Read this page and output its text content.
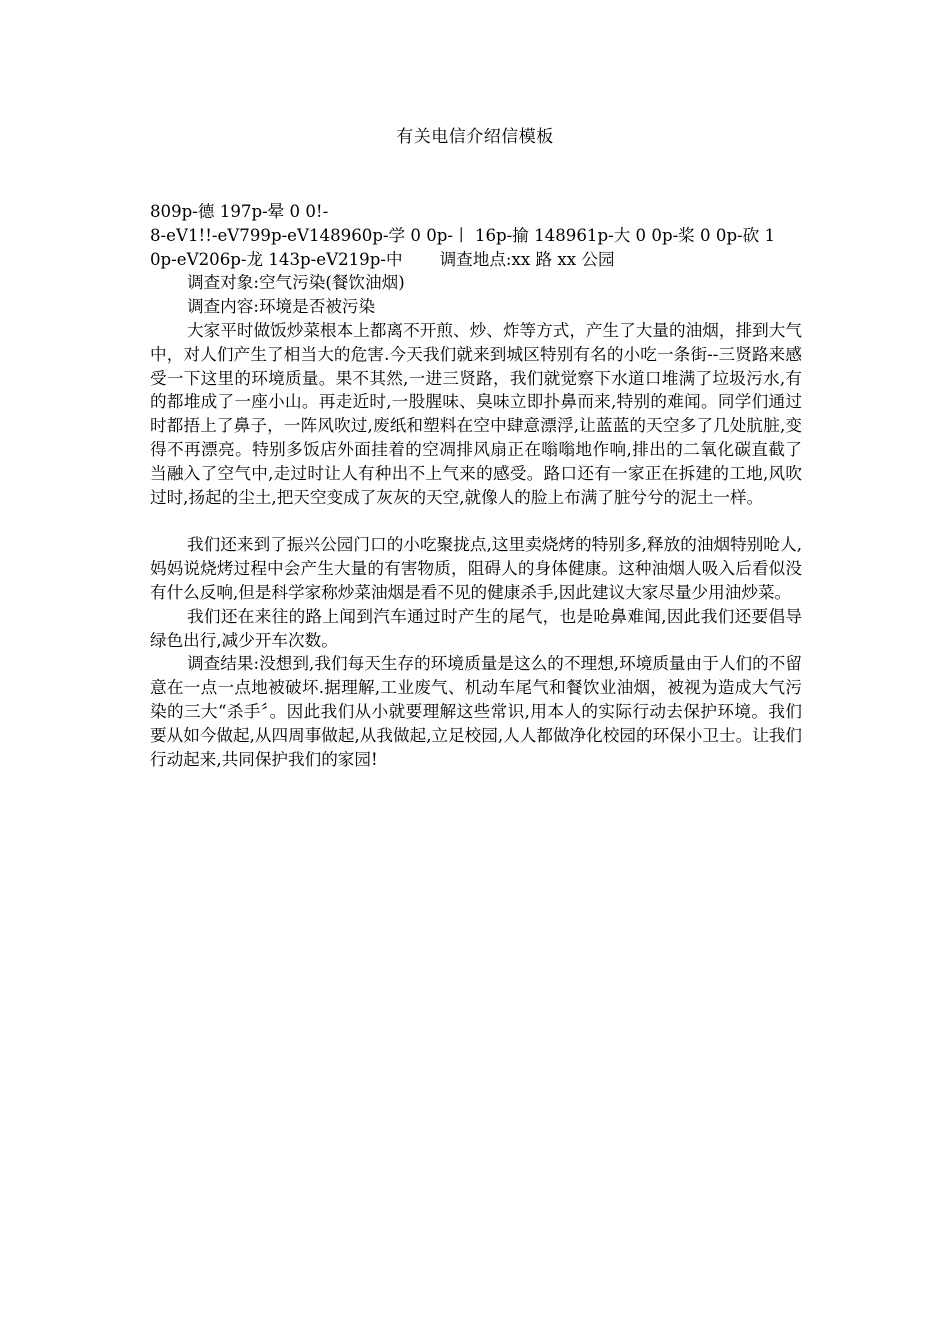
有关电信介绍信模板

809p-德 197p-晕 0 0!-

8-eV1!!-eV799p-eV148960p-学 0 0p-丨 16p-揄 148961p-大 0 0p-桨 0 0p-砍 1

0p-eV206p-龙 143p-eV219p-中 调查地点:xx 路 xx 公园

调查对象:空气污染(餐饮油烟)

调查内容:环境是否被污染

大家平时做饭炒菜根本上都离不开煎、炒、炸等方式，产生了大量的油烟，排到大气中，对人们产生了相当大的危害.今天我们就来到城区特别有名的小吃一条街--三贤路来感受一下这里的环境质量。果不其然,一进三贤路，我们就觉察下水道口堆满了垃圾污水,有的都堆成了一座小山。再走近时,一股腥味、臭味立即扑鼻而来,特别的难闻。同学们通过时都捂上了鼻子，一阵风吹过,废纸和塑料在空中肆意漂浮,让蓝蓝的天空多了几处肮脏,变得不再漂亮。特别多饭店外面挂着的空凋排风扇正在嗡嗡地作响,排出的二氧化碳直截了当融入了空气中,走过时让人有种出不上气来的感受。路口还有一家正在拆建的工地,风吹过时,扬起的尘土,把天空变成了灰灰的天空,就像人的脸上布满了脏兮兮的泥土一样。

我们还来到了振兴公园门口的小吃聚拢点,这里卖烧烤的特别多,释放的油烟特别呛人,妈妈说烧烤过程中会产生大量的有害物质，阻碍人的身体健康。这种油烟人吸入后看似没有什么反响,但是科学家称炒菜油烟是看不见的健康杀手,因此建议大家尽量少用油炒菜。

我们还在来往的路上闻到汽车通过时产生的尾气，也是呛鼻难闻,因此我们还要倡导绿色出行,减少开车次数。

调查结果:没想到,我们每天生存的环境质量是这么的不理想,环境质量由于人们的不留意在一点一点地被破坏.据理解,工业废气、机动车尾气和餐饮业油烟，被视为造成大气污染的三大“杀手〞。因此我们从小就要理解这些常识,用本人的实际行动去保护环境。我们要从如今做起,从四周事做起,从我做起,立足校园,人人都做净化校园的环保小卫士。让我们行动起来,共同保护我们的家园!
